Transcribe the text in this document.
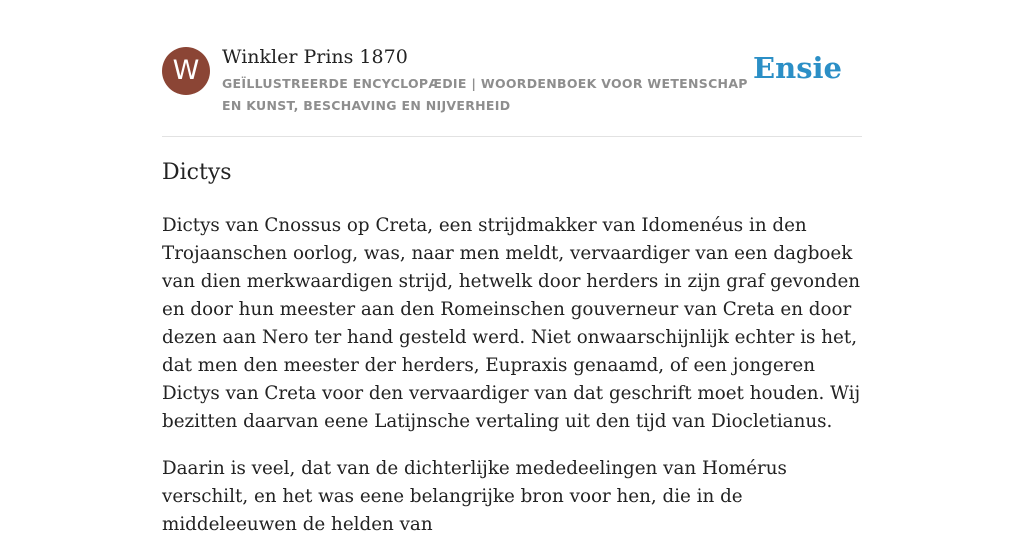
W	Winkler Prins 1870
GEÏLLUSTREERDE ENCYCLOPÆDIE | WOORDENBOEK VOOR WETENSCHAP EN KUNST, BESCHAVING EN NIJVERHEID
Ensie
Dictys

Dictys van Cnossus op Creta, een strijdmakker van Idomenéus in den Trojaanschen oorlog, was, naar men meldt, vervaardiger van een dagboek van dien merkwaardigen strijd, hetwelk door herders in zijn graf gevonden en door hun meester aan den Romeinschen gouverneur van Creta en door dezen aan Nero ter hand gesteld werd. Niet onwaarschijnlijk echter is het, dat men den meester der herders, Eupraxis genaamd, of een jongeren Dictys van Creta voor den vervaardiger van dat geschrift moet houden. Wij bezitten daarvan eene Latijnsche vertaling uit den tijd van Diocletianus.

Daarin is veel, dat van de dichterlijke mededeelingen van Homérus verschilt, en het was eene belangrijke bron voor hen, die in de middeleeuwen de helden van
